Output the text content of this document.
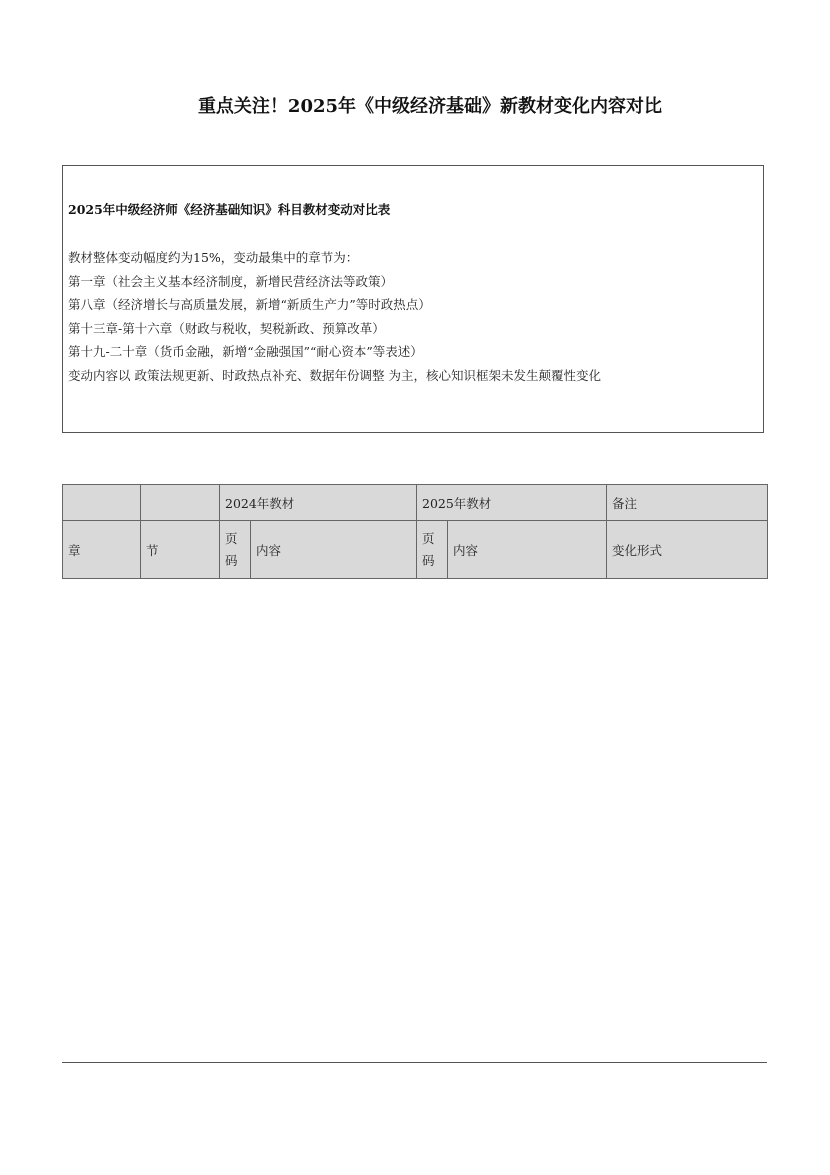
重点关注！2025年《中级经济基础》新教材变化内容对比
2025年中级经济师《经济基础知识》科目教材变动对比表
教材整体变动幅度约为15%，变动最集中的章节为：
第一章（社会主义基本经济制度，新增民营经济法等政策）
第八章（经济增长与高质量发展，新增“新质生产力”等时政热点）
第十三章-第十六章（财政与税收，契税新政、预算改革）
第十九-二十章（货币金融，新增“金融强国”“耐心资本”等表述）
变动内容以 政策法规更新、时政热点补充、数据年份调整 为主，核心知识框架未发生颠覆性变化
		2024年教材		2025年教材		备注
章	节	页码	内容	页码	内容	变化形式
